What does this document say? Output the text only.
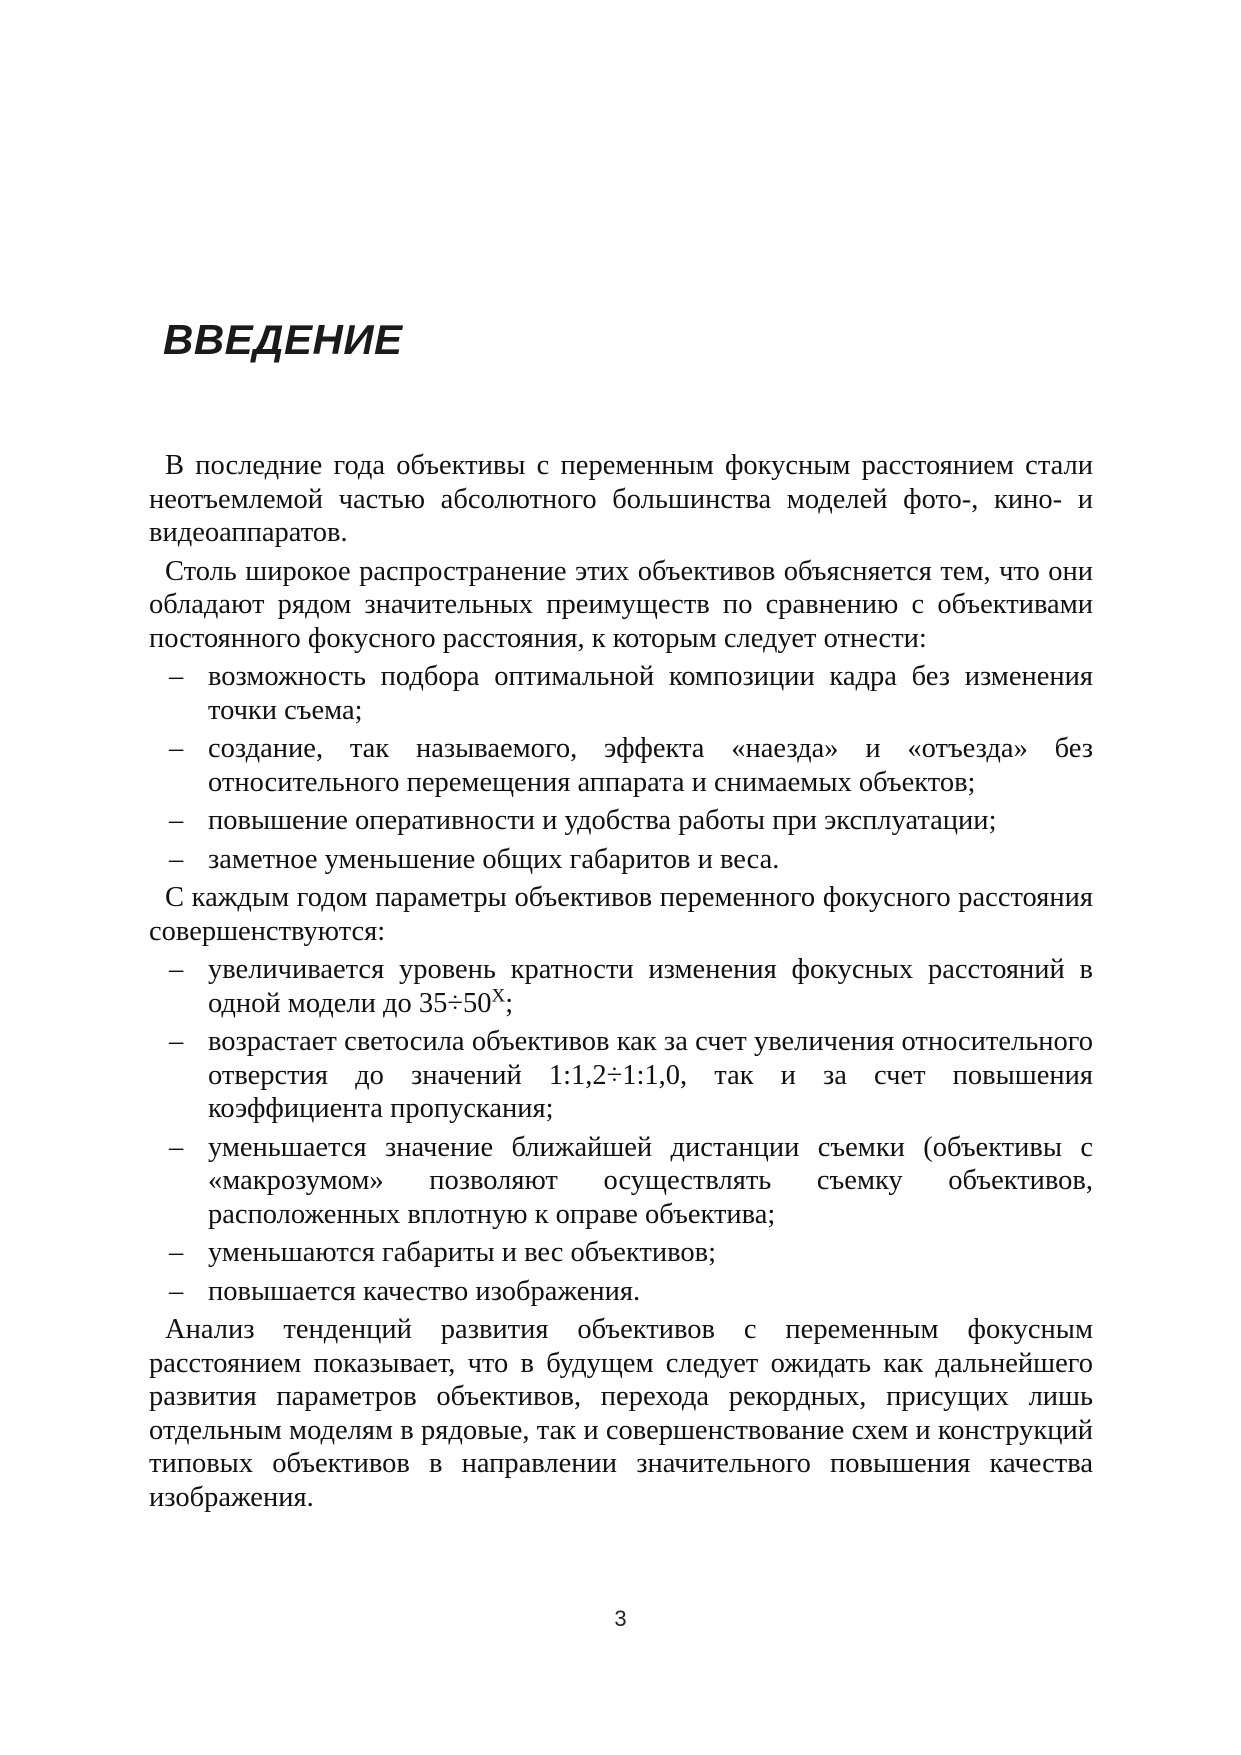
ВВЕДЕНИЕ

В последние года объективы с переменным фокусным расстоянием стали неотъемлемой частью абсолютного большинства моделей фото-, кино- и видеоаппаратов.

Столь широкое распространение этих объективов объясняется тем, что они обладают рядом значительных преимуществ по сравнению с объективами постоянного фокусного расстояния, к которым следует отнести:

– возможность подбора оптимальной композиции кадра без изменения точки съема;
– создание, так называемого, эффекта «наезда» и «отъезда» без относительного перемещения аппарата и снимаемых объектов;
– повышение оперативности и удобства работы при эксплуатации;
– заметное уменьшение общих габаритов и веса.

С каждым годом параметры объективов переменного фокусного расстояния совершенствуются:

– увеличивается уровень кратности изменения фокусных расстояний в одной модели до $35\div 50^X$;
– возрастает светосила объективов как за счет увеличения относительного отверстия до значений 1:1,2÷1:1,0, так и за счет повышения коэффициента пропускания;
– уменьшается значение ближайшей дистанции съемки (объективы с «макрозумом» позволяют осуществлять съемку объективов, расположенных вплотную к оправе объектива;
– уменьшаются габариты и вес объективов;
– повышается качество изображения.

Анализ тенденций развития объективов с переменным фокусным расстоянием показывает, что в будущем следует ожидать как дальнейшего развития параметров объективов, перехода рекордных, присущих лишь отдельным моделям в рядовые, так и совершенствование схем и конструкций типовых объективов в направлении значительного повышения качества изображения.

3
